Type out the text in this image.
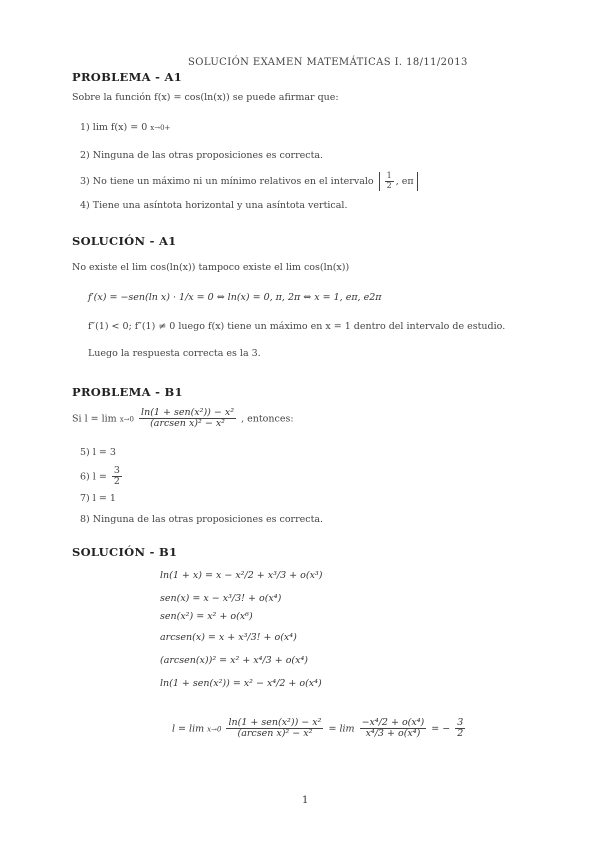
SOLUCIÓN EXAMEN MATEMÁTICAS I. 18/11/2013
PROBLEMA - A1
Sobre la función f(x) = cos(ln(x)) se puede afirmar que:
1) lim f(x) = 0 x→0+
2) Ninguna de las otras proposiciones es correcta.
3) No tiene un máximo ni un mínimo relativos en el intervalo $\frac{1}{2}$ , eπ
4) Tiene una asíntota horizontal y una asíntota vertical.
SOLUCIÓN - A1
No existe el lim cos(ln(x)) tampoco existe el lim cos(ln(x))
f′(x) = −sen(ln x) · 1/x = 0 ⇔ ln(x) = 0, π, 2π ⇔ x = 1, eπ, e2π
f″(1) < 0; f″(1) ≠ 0 luego f(x) tiene un máximo en x = 1 dentro del intervalo de estudio.
Luego la respuesta correcta es la 3.
PROBLEMA - B1
Si $l = \lim x\to 0 \frac{\text{ln(1 + sen(x²)) − x²}}{\text{(arcsen x)² − x²}}$ , entonces:
5) l = 3
6) $l = \frac{3}{2}$
7) l = 1
8) Ninguna de las otras proposiciones es correcta.
SOLUCIÓN - B1
ln(1 + x) = x − x²/2 + x³/3 + o(x³)
sen(x) = x − x³/3! + o(x⁴)
sen(x²) = x² + o(x⁶)
arcsen(x) = x + x³/3! + o(x⁴)
(arcsen(x))² = x² + x⁴/3 + o(x⁴)
ln(1 + sen(x²)) = x² − x⁴/2 + o(x⁴)
$l = \lim x\to 0 \frac{\text{ln(1 + sen(x²)) − x²}}{\text{(arcsen x)² − x²}} = \lim \frac{\text{−x⁴/2 + o(x⁴)}}{\text{x⁴/3 + o(x⁴)}}$ = − $\frac{3}{2}$
1
